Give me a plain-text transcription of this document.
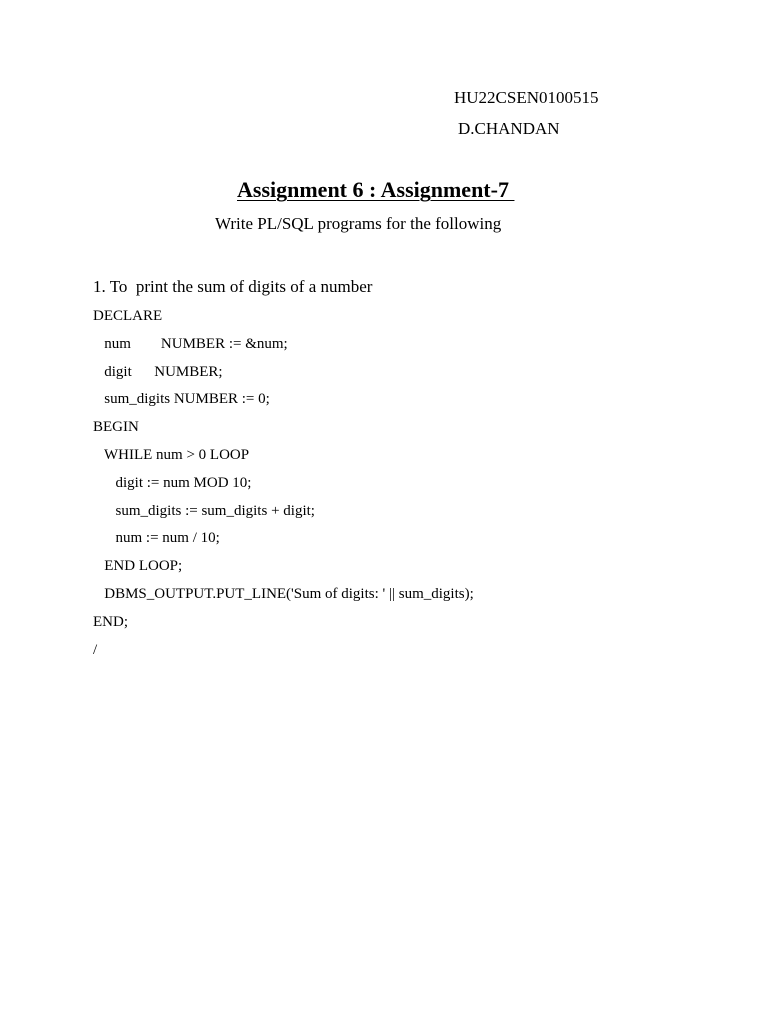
HU22CSEN0100515
D.CHANDAN
Assignment 6 : Assignment-7
Write PL/SQL programs for the following
1. To  print the sum of digits of a number
DECLARE
num        NUMBER := &num;
digit      NUMBER;
sum_digits NUMBER := 0;
BEGIN
WHILE num > 0 LOOP
digit := num MOD 10;
sum_digits := sum_digits + digit;
num := num / 10;
END LOOP;
DBMS_OUTPUT.PUT_LINE('Sum of digits: ' || sum_digits);
END;
/
